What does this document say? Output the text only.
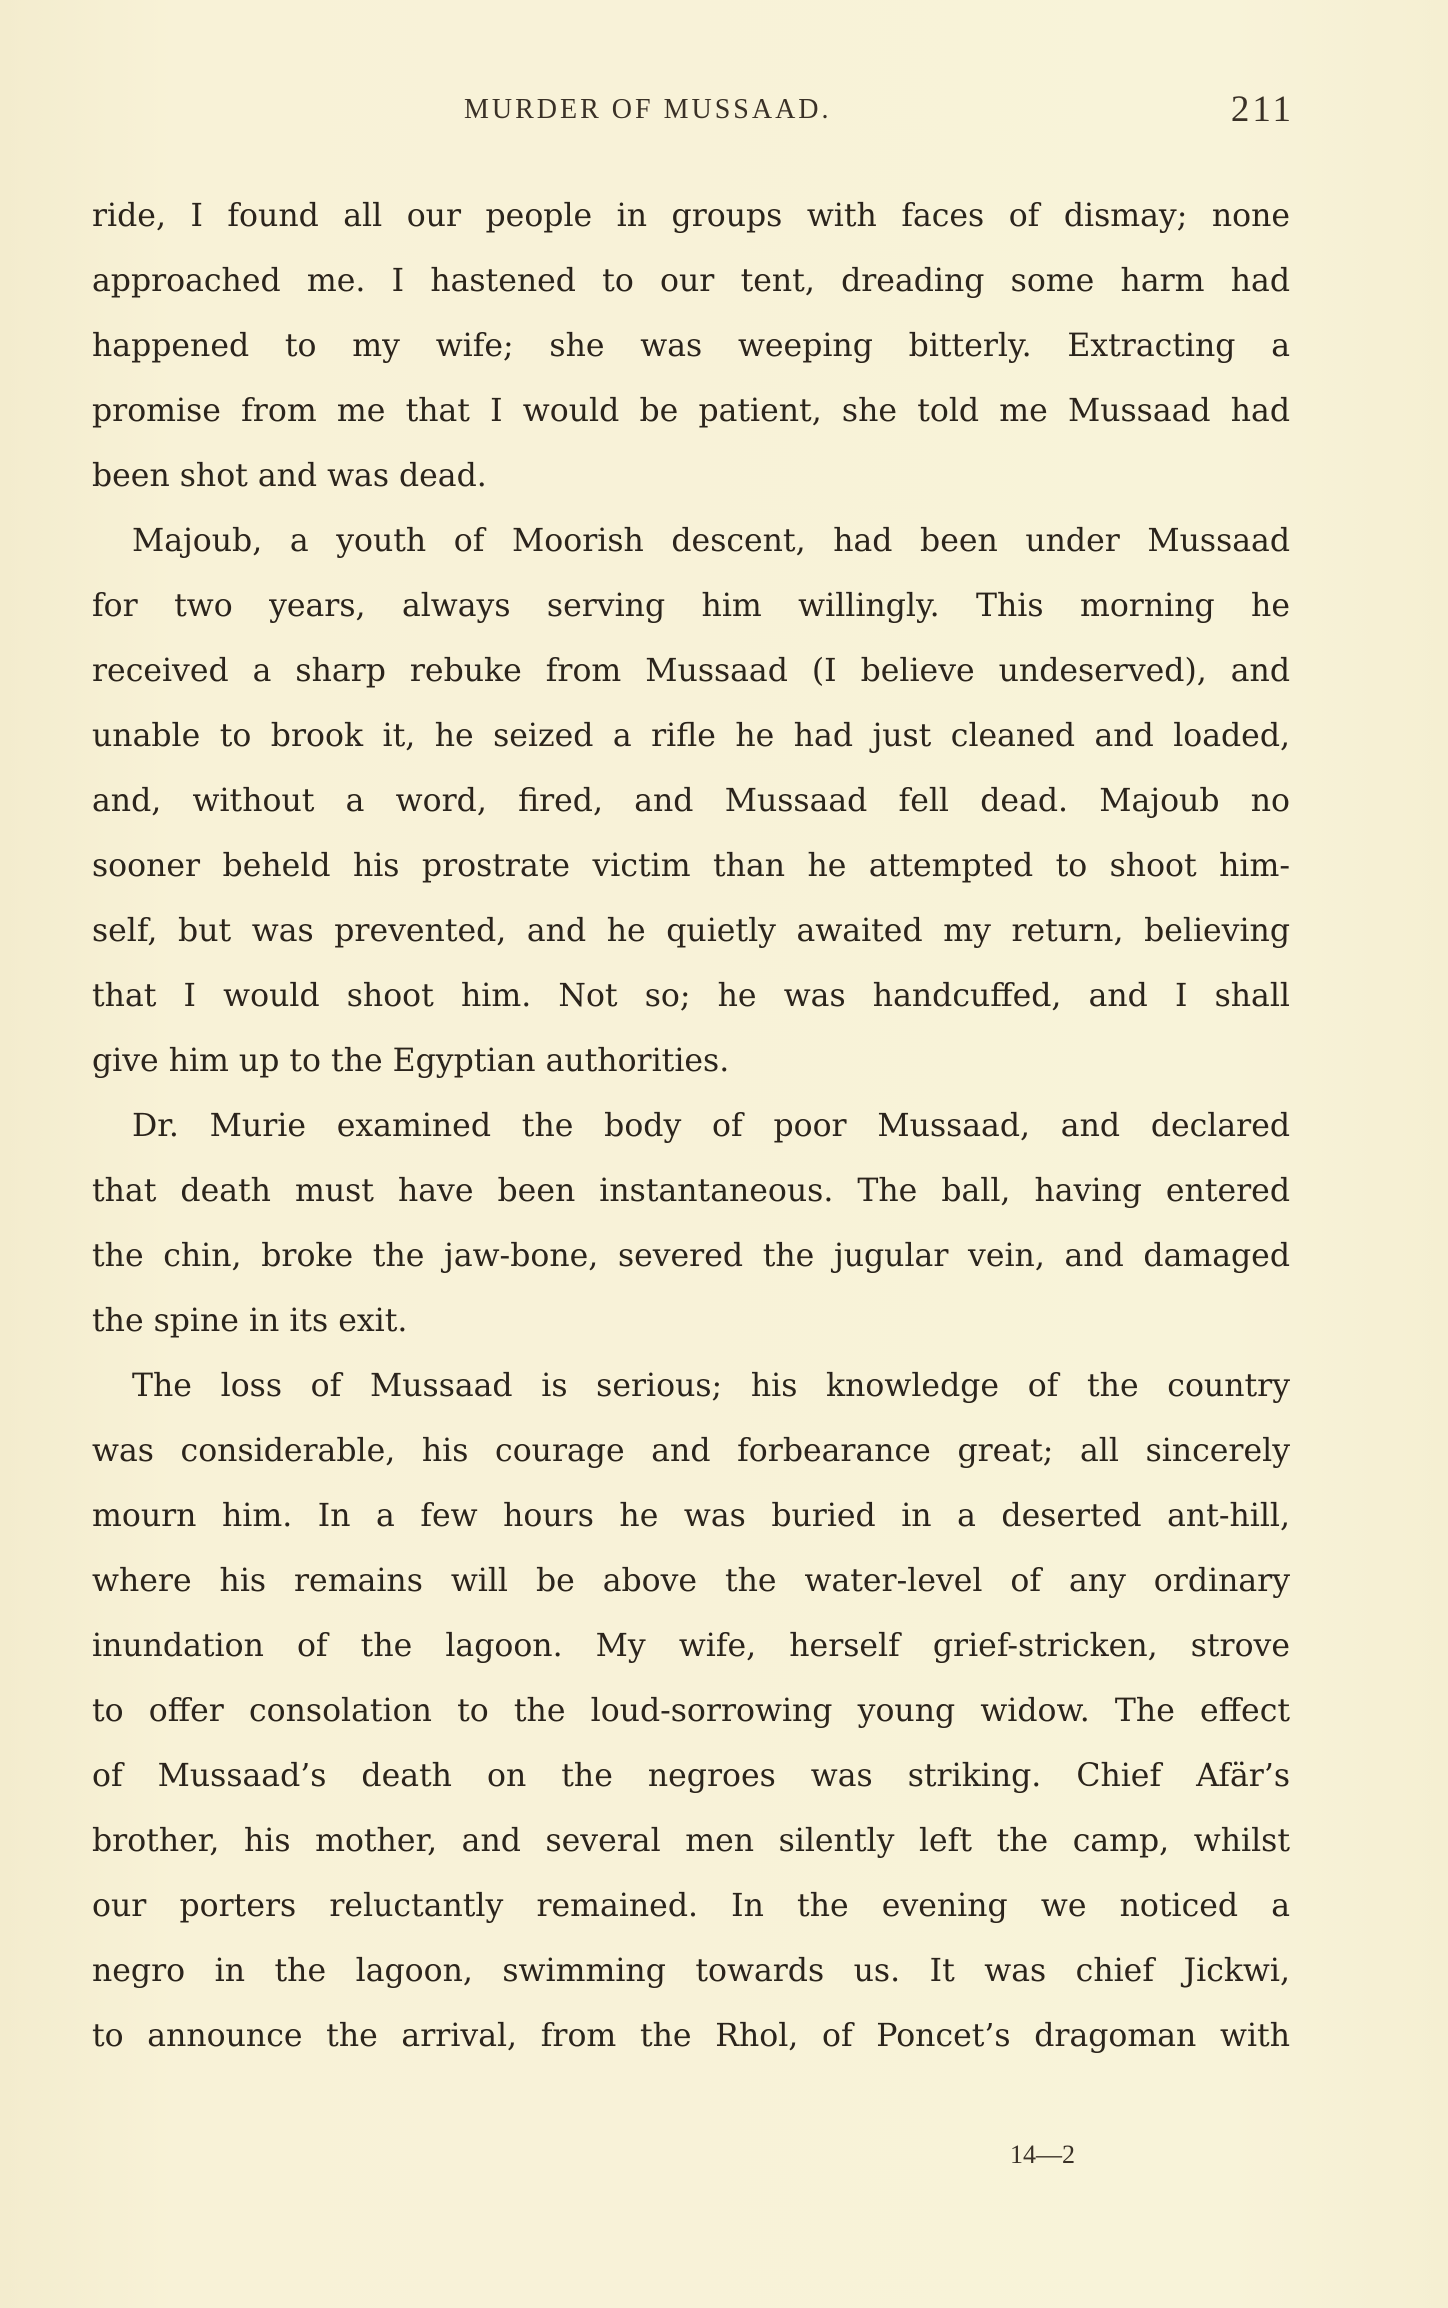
MURDER OF MUSSAAD.	211
ride, I found all our people in groups with faces of dismay; none
approached me. I hastened to our tent, dreading some harm had
happened to my wife; she was weeping bitterly. Extracting a
promise from me that I would be patient, she told me Mussaad had
been shot and was dead.
Majoub, a youth of Moorish descent, had been under Mussaad
for two years, always serving him willingly. This morning he
received a sharp rebuke from Mussaad (I believe undeserved), and
unable to brook it, he seized a rifle he had just cleaned and loaded,
and, without a word, fired, and Mussaad fell dead. Majoub no
sooner beheld his prostrate victim than he attempted to shoot him-
self, but was prevented, and he quietly awaited my return, believing
that I would shoot him. Not so; he was handcuffed, and I shall
give him up to the Egyptian authorities.
Dr. Murie examined the body of poor Mussaad, and declared
that death must have been instantaneous. The ball, having entered
the chin, broke the jaw-bone, severed the jugular vein, and damaged
the spine in its exit.
The loss of Mussaad is serious; his knowledge of the country
was considerable, his courage and forbearance great; all sincerely
mourn him. In a few hours he was buried in a deserted ant-hill,
where his remains will be above the water-level of any ordinary
inundation of the lagoon. My wife, herself grief-stricken, strove
to offer consolation to the loud-sorrowing young widow. The effect
of Mussaad’s death on the negroes was striking. Chief Afär’s
brother, his mother, and several men silently left the camp, whilst
our porters reluctantly remained. In the evening we noticed a
negro in the lagoon, swimming towards us. It was chief Jickwi,
to announce the arrival, from the Rhol, of Poncet’s dragoman with
14—2
